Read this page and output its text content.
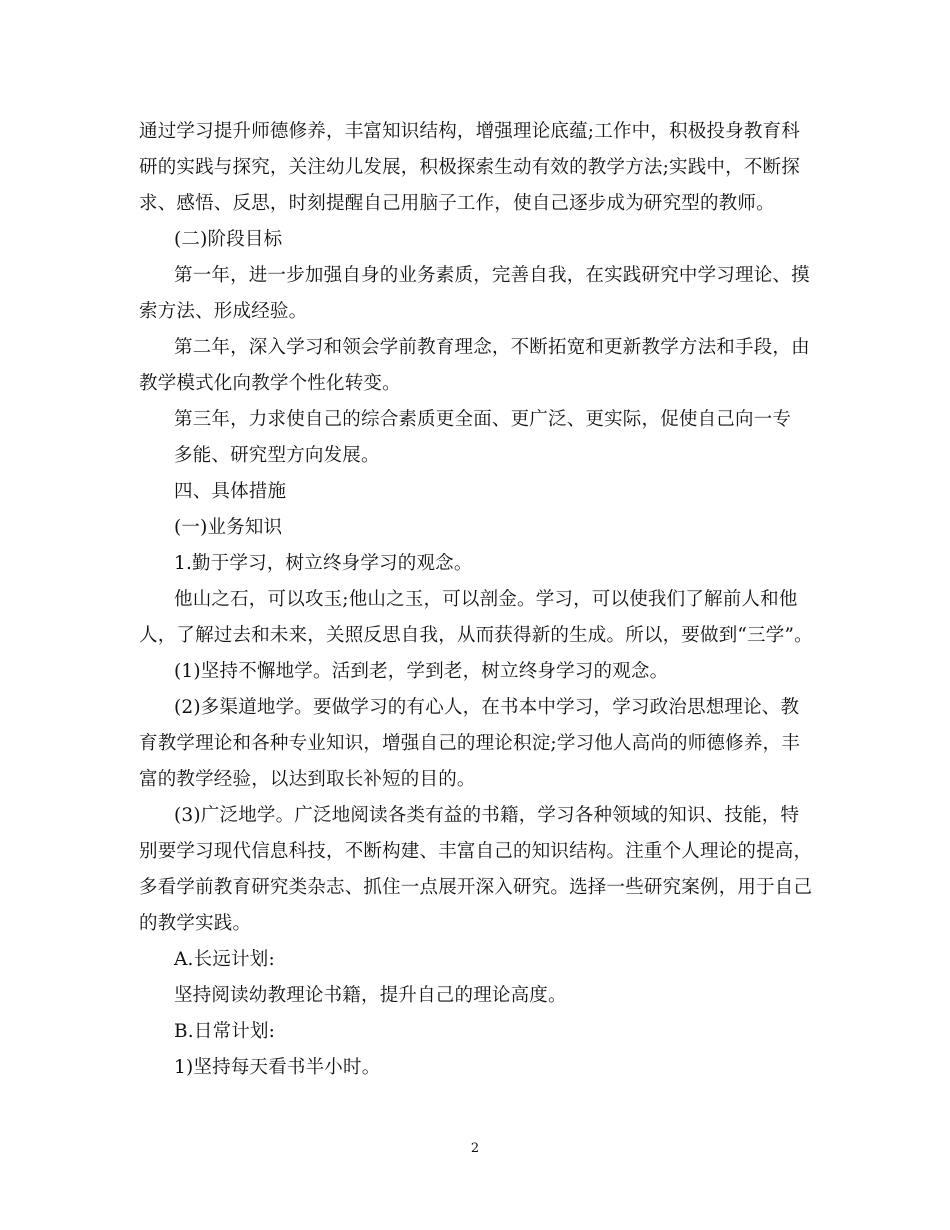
通过学习提升师德修养，丰富知识结构，增强理论底蕴;工作中，积极投身教育科
研的实践与探究，关注幼儿发展，积极探索生动有效的教学方法;实践中，不断探
求、感悟、反思，时刻提醒自己用脑子工作，使自己逐步成为研究型的教师。
(二)阶段目标
第一年，进一步加强自身的业务素质，完善自我，在实践研究中学习理论、摸
索方法、形成经验。
第二年，深入学习和领会学前教育理念，不断拓宽和更新教学方法和手段，由
教学模式化向教学个性化转变。
第三年，力求使自己的综合素质更全面、更广泛、更实际，促使自己向一专
多能、研究型方向发展。
四、具体措施
(一)业务知识
1.勤于学习，树立终身学习的观念。
他山之石，可以攻玉;他山之玉，可以剖金。学习，可以使我们了解前人和他
人，了解过去和未来，关照反思自我，从而获得新的生成。所以，要做到“三学”。
(1)坚持不懈地学。活到老，学到老，树立终身学习的观念。
(2)多渠道地学。要做学习的有心人，在书本中学习，学习政治思想理论、教
育教学理论和各种专业知识，增强自己的理论积淀;学习他人高尚的师德修养，丰
富的教学经验，以达到取长补短的目的。
(3)广泛地学。广泛地阅读各类有益的书籍，学习各种领域的知识、技能，特
别要学习现代信息科技，不断构建、丰富自己的知识结构。注重个人理论的提高，
多看学前教育研究类杂志、抓住一点展开深入研究。选择一些研究案例，用于自己
的教学实践。
A.长远计划:
坚持阅读幼教理论书籍，提升自己的理论高度。
B.日常计划:
1)坚持每天看书半小时。
2
